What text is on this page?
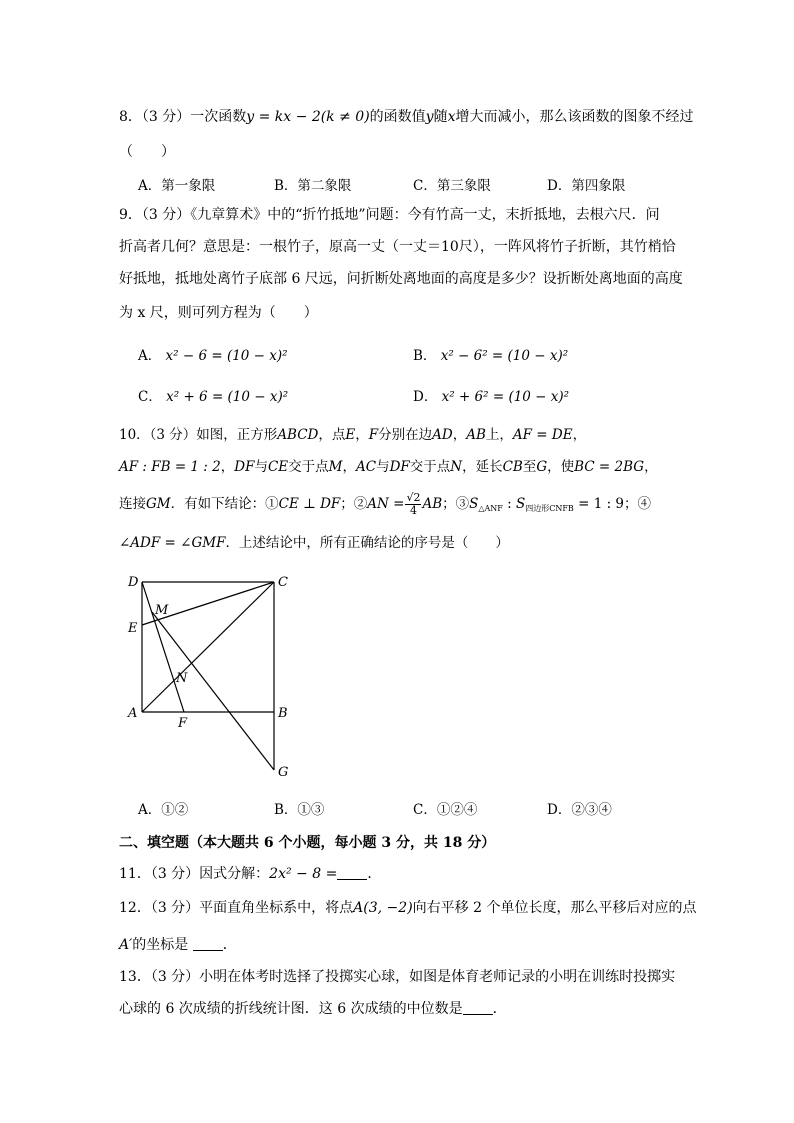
8．（3 分）一次函数y = kx − 2(k ≠ 0)的函数值y随x增大而减小，那么该函数的图象不经过
（　　）
A．第一象限	B．第二象限	C．第三象限	D．第四象限
9．（3 分）《九章算术》中的“折竹抵地”问题：今有竹高一丈，末折抵地，去根六尺．问
折高者几何？意思是：一根竹子，原高一丈（一丈＝10尺），一阵风将竹子折断，其竹梢恰
好抵地，抵地处离竹子底部 6 尺远，问折断处离地面的高度是多少？设折断处离地面的高度
为 x 尺，则可列方程为（　　）
A． x² − 6 = (10 − x)²	B． x² − 6² = (10 − x)²
C． x² + 6 = (10 − x)²	D． x² + 6² = (10 − x)²
10．（3 分）如图，正方形ABCD，点E，F分别在边AD，AB上，AF = DE，
AF : FB = 1 : 2，DF与CE交于点M，AC与DF交于点N，延长CB至G，使BC = 2BG，
连接GM．有如下结论：①CE ⊥ DF；②AN = $\frac{√2}{4}$ AB；$③S_{\triangle ANF}$ : $S_{四边形CNFB} = 1$ : 9；④
∠ADF = ∠GMF．上述结论中，所有正确结论的序号是（　　）
D	C
M
E
N
A
F
B
G
A．①②	B．①③	C．①②④	D．②③④
二、填空题（本大题共 6 个小题，每小题 3 分，共 18 分）
11．（3 分）因式分解：2x² − 8 = ．
12．（3 分）平面直角坐标系中，将点A(3, −2)向右平移 2 个单位长度，那么平移后对应的点
A′的坐标是 ．
13．（3 分）小明在体考时选择了投掷实心球，如图是体育老师记录的小明在训练时投掷实
心球的 6 次成绩的折线统计图．这 6 次成绩的中位数是 ．
